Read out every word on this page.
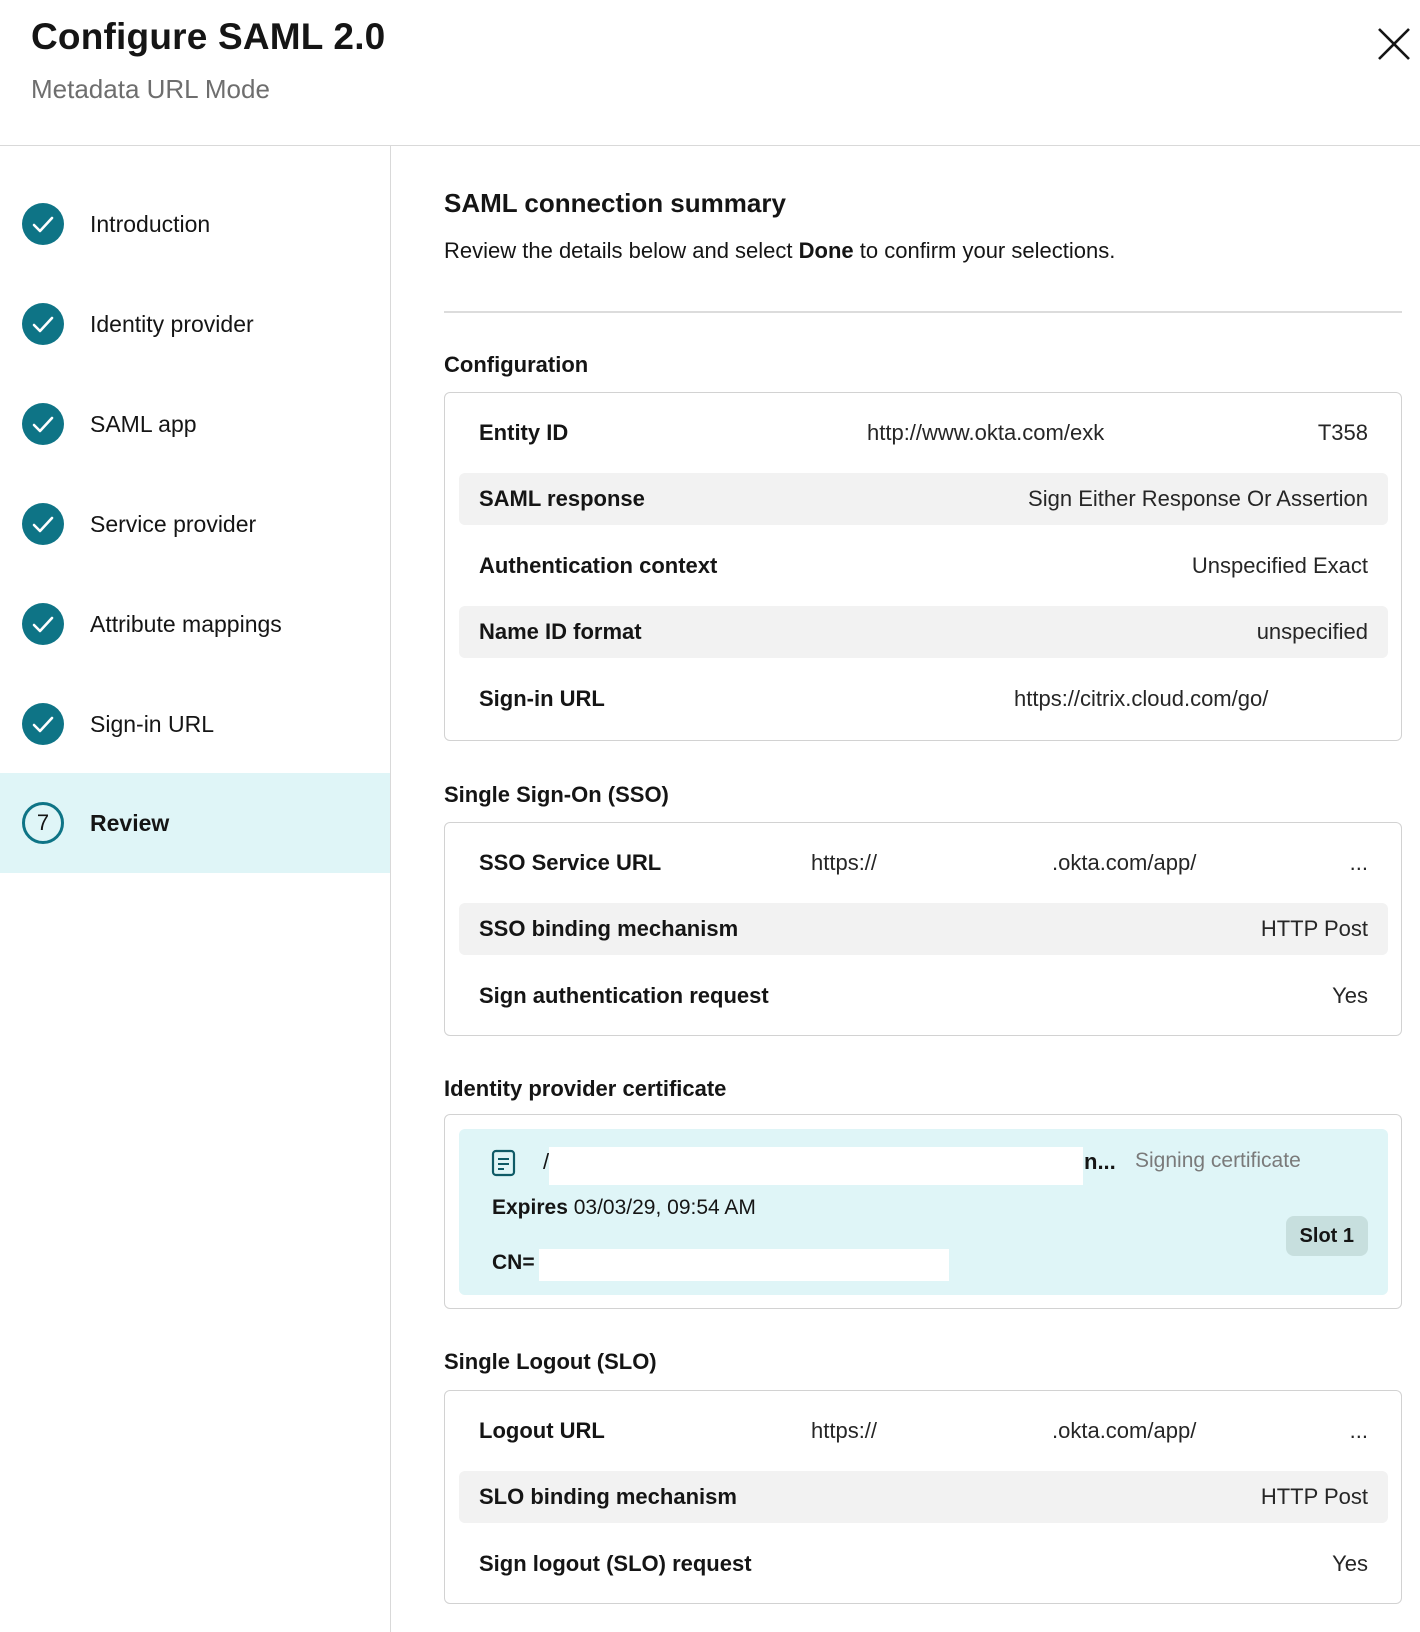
Configure SAML 2.0
Metadata URL Mode
Introduction
Identity provider
SAML app
Service provider
Attribute mappings
Sign-in URL
7	Review
SAML connection summary
Review the details below and select Done to confirm your selections.
Configuration
Entity ID	http://www.okta.com/exk	T358
SAML response	Sign Either Response Or Assertion
Authentication context	Unspecified Exact
Name ID format	unspecified
Sign-in URL	https://citrix.cloud.com/go/
Single Sign-On (SSO)
SSO Service URL	https://	.okta.com/app/	...
SSO binding mechanism	HTTP Post
Sign authentication request	Yes
Identity provider certificate
/	n... Signing certificate
Expires 03/03/29, 09:54 AM
CN=
Slot 1
Single Logout (SLO)
Logout URL	https://	.okta.com/app/	...
SLO binding mechanism	HTTP Post
Sign logout (SLO) request	Yes
